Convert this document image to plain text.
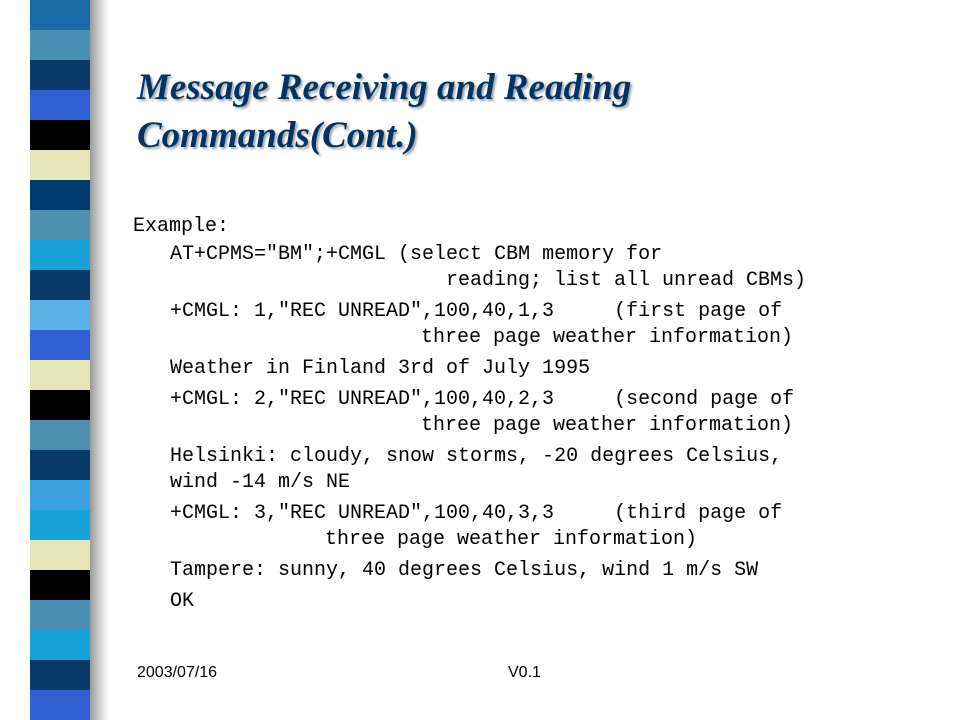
Message Receiving and Reading
Commands(Cont.)
Example:
AT+CPMS="BM";+CMGL (select CBM memory for
reading; list all unread CBMs)
+CMGL: 1,"REC UNREAD",100,40,1,3     (first page of
three page weather information)
Weather in Finland 3rd of July 1995
+CMGL: 2,"REC UNREAD",100,40,2,3     (second page of
three page weather information)
Helsinki: cloudy, snow storms, -20 degrees Celsius,
wind -14 m/s NE
+CMGL: 3,"REC UNREAD",100,40,3,3     (third page of
three page weather information)
Tampere: sunny, 40 degrees Celsius, wind 1 m/s SW
OK
2003/07/16	V0.1
